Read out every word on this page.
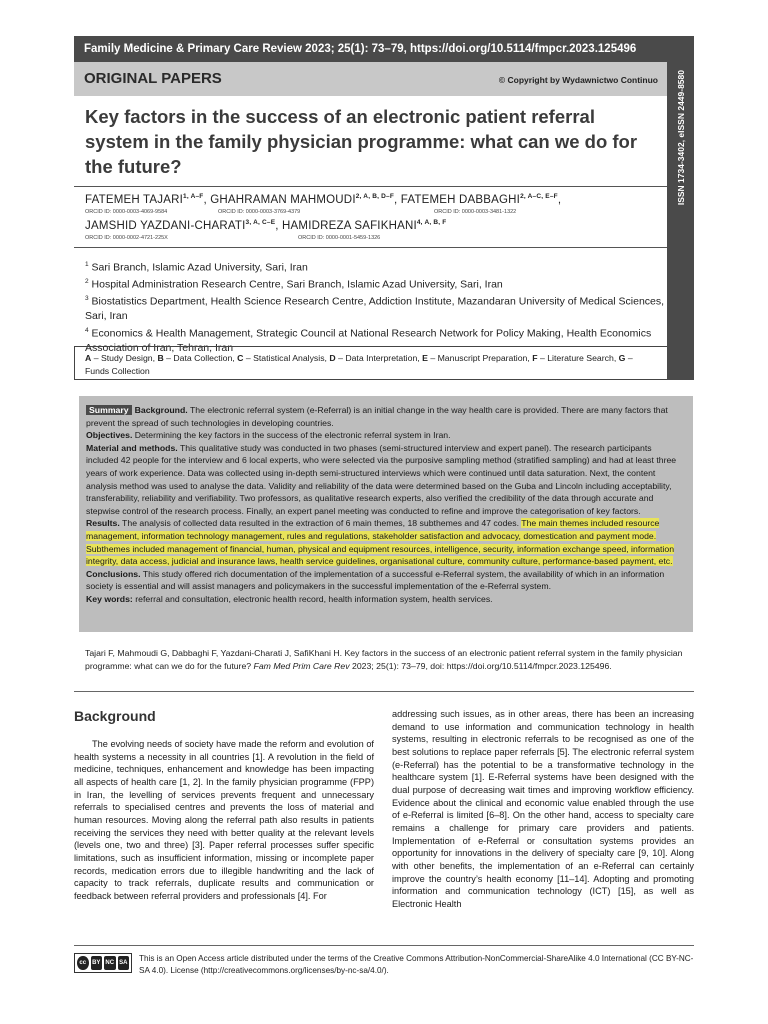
Family Medicine & Primary Care Review 2023; 25(1): 73–79, https://doi.org/10.5114/fmpcr.2023.125496
ISSN 1734-3402, eISSN 2449-8580
ORIGINAL PAPERS	© Copyright by Wydawnictwo Continuo
Key factors in the success of an electronic patient referral system in the family physician programme: what can we do for the future?
FATEMEH $TAJARI^{1, A-F}$, GHAHRAMAN $MAHMOUDI^{2, A, B, D-F}$, FATEMEH $DABBAGHI^{2, A-C, E-F}$,
ORCID ID: 0000-0003-4069-9584	ORCID ID: 0000-0003-3769-4379	ORCID ID: 0000-0003-3481-1322
JAMSHID YAZDANI-$CHARATI^{3, A, C-E}$, HAMIDREZA $SAFIKHANI^{4, A, B, F}$
ORCID ID: 0000-0002-4721-225X	ORCID ID: 0000-0001-5459-1326

$^1$ Sari Branch, Islamic Azad University, Sari, Iran

$^2$ Hospital Administration Research Centre, Sari Branch, Islamic Azad University, Sari, Iran

$^3$ Biostatistics Department, Health Science Research Centre, Addiction Institute, Mazandaran University of Medical Sciences, Sari, Iran

$^4$ Economics & Health Management, Strategic Council at National Research Network for Policy Making, Health Economics Association of Iran, Tehran, Iran

A – Study Design, B – Data Collection, C – Statistical Analysis, D – Data Interpretation, E – Manuscript Preparation, F – Literature Search, G – Funds Collection

Summary Background. The electronic referral system (e-Referral) is an initial change in the way health care is provided. There are many factors that prevent the spread of such technologies in developing countries.

Objectives. Determining the key factors in the success of the electronic referral system in Iran.

Material and methods. This qualitative study was conducted in two phases (semi-structured interview and expert panel). The research participants included 42 people for the interview and 6 local experts, who were selected via the purposive sampling method (stratified sampling) and had at least three years of work experience. Data was collected using in-depth semi-structured interviews which were continued until data saturation. Next, the content analysis method was used to analyse the data. Validity and reliability of the data were determined based on the Guba and Lincoln including acceptability, transferability, reliability and verifiability. Two professors, as qualitative research experts, also verified the credibility of the data through accurate and stepwise control of the research process. Finally, an expert panel meeting was conducted to refine and improve the categorisation of key factors.

Results. The analysis of collected data resulted in the extraction of 6 main themes, 18 subthemes and 47 codes. The main themes included resource management, information technology management, rules and regulations, stakeholder satisfaction and advocacy, domestication and payment mode. Subthemes included management of financial, human, physical and equipment resources, intelligence, security, information exchange speed, information integrity, data access, judicial and insurance laws, health service guidelines, organisational culture, community culture, performance-based payment, etc.

Conclusions. This study offered rich documentation of the implementation of a successful e-Referral system, the availability of which in an information society is essential and will assist managers and policymakers in the successful implementation of the e-Referral system.

Key words: referral and consultation, electronic health record, health information system, health services.

Tajari F, Mahmoudi G, Dabbaghi F, Yazdani-Charati J, SafiKhani H. Key factors in the success of an electronic patient referral system in the family physician programme: what can we do for the future? Fam Med Prim Care Rev 2023; 25(1): 73–79, doi: https://doi.org/10.5114/fmpcr.2023.125496.
Background

The evolving needs of society have made the reform and evolution of health systems a necessity in all countries [1]. A revolution in the field of medicine, techniques, enhancement and knowledge has been impacting all aspects of health care [1, 2]. In the family physician programme (FPP) in Iran, the levelling of services prevents frequent and unnecessary referrals to specialised centres and prevents the loss of material and human resources. Moving along the referral path also results in patients receiving the services they need with better quality at the relevant levels (levels one, two and three) [3]. Paper referral processes suffer specific limitations, such as insufficient information, missing or incomplete paper records, medication errors due to illegible handwriting and the lack of capacity to track referrals, duplicate results and communication or feedback between referral providers and professionals [4]. For

addressing such issues, as in other areas, there has been an increasing demand to use information and communication technology in health systems, resulting in electronic referrals to be recognised as one of the best solutions to replace paper referrals [5]. The electronic referral system (e-Referral) has the potential to be a transformative technology in the healthcare system [1]. E-Referral systems have been designed with the dual purpose of decreasing wait times and improving workflow efficiency. Evidence about the clinical and economic value enabled through the use of e-Referral is limited [6–8]. On the other hand, access to specialty care remains a challenge for primary care providers and patients. Implementation of e-Referral or consultation systems provides an opportunity for innovations in the delivery of specialty care [9, 10]. Along with other benefits, the implementation of an e-Referral can certainly improve the country’s health economy [11–14]. Adopting and promoting information and communication technology (ICT) [15], as well as Electronic Health

cc BY NC SA This is an Open Access article distributed under the terms of the Creative Commons Attribution-NonCommercial-ShareAlike 4.0 International (CC BY-NC-SA 4.0). License (http://creativecommons.org/licenses/by-nc-sa/4.0/).
